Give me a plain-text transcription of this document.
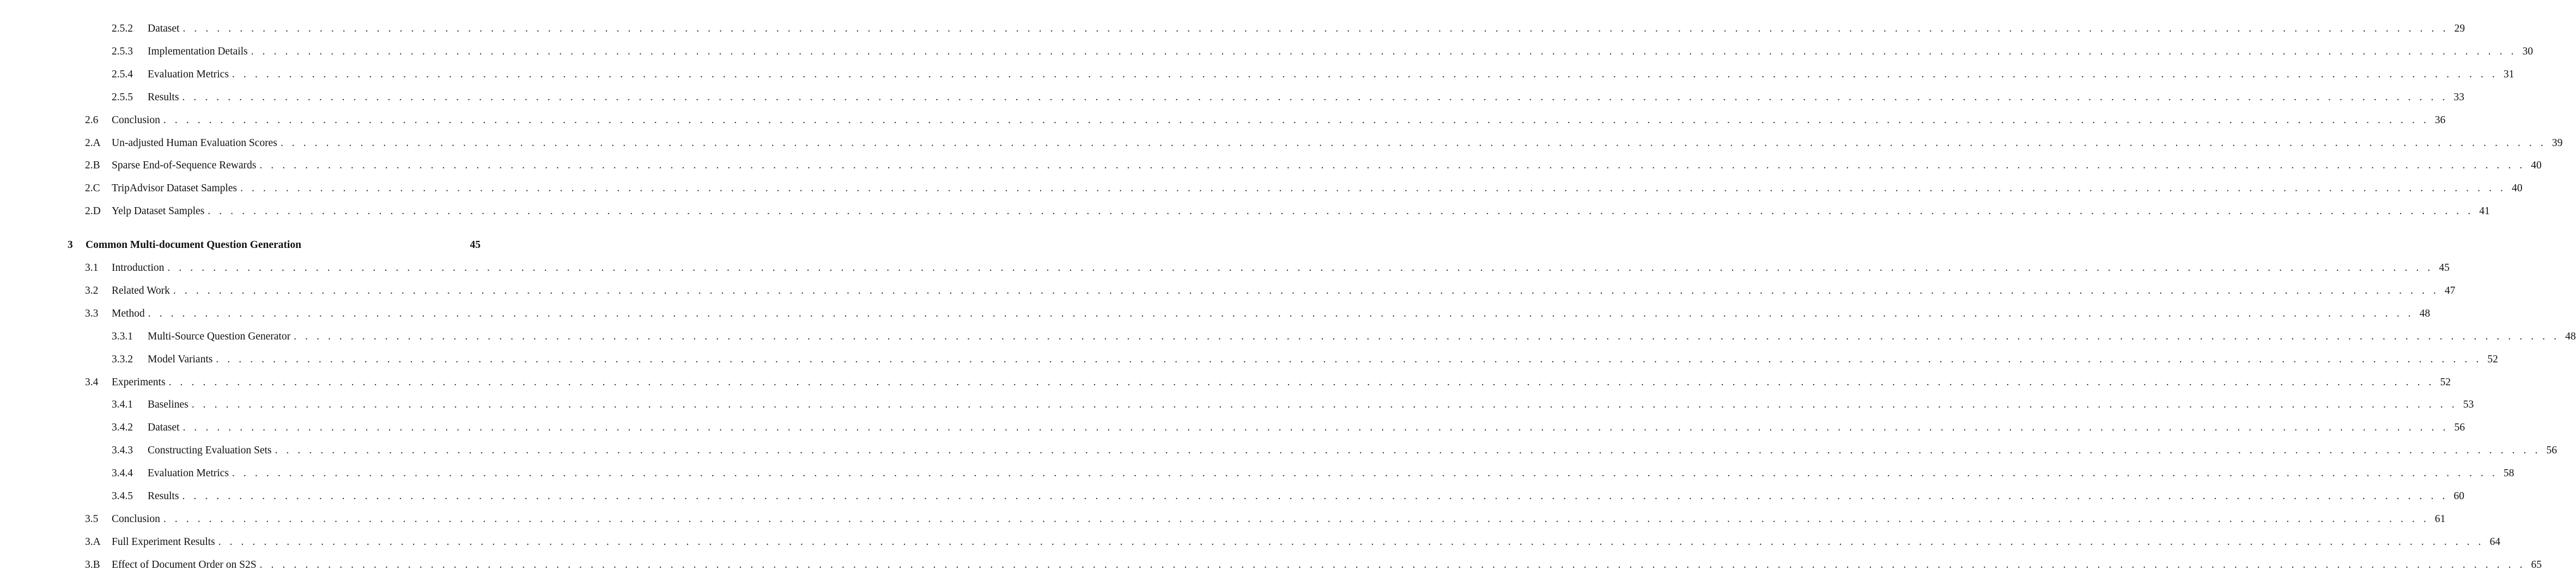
2.5.2	Dataset . . . . . . . . . . . . . . . . . . . . . . . . . . . . . . . . . . . . . . . . . . . . . . . . . . . . . . . . . . . . . . . . . . . . . . . . . . . . . . . . . . . . . . . . . . . . . . . . . . . . . . . . . . . . . . . . . . . . . . . . . . . . . . . . . . . . . . . . . . . . . . . . . . . . . . . . . . . . . . . . . . . . . . . . . . . . . . . . . . . . . . . . . . . . . . . . . . . . . . . 29
2.5.3	Implementation Details . . . . . . . . . . . . . . . . . . . . . . . . . . . . . . . . . . . . . . . . . . . . . . . . . . . . . . . . . . . . . . . . . . . . . . . . . . . . . . . . . . . . . . . . . . . . . . . . . . . . . . . . . . . . . . . . . . . . . . . . . . . . . . . . . . . . . . . . . . . . . . . . . . . . . . . . . . . . . . . . . . . . . . . . . . . . . . . . . . . . . . . . . . . . . . . . . . . . . . . 30
2.5.4	Evaluation Metrics . . . . . . . . . . . . . . . . . . . . . . . . . . . . . . . . . . . . . . . . . . . . . . . . . . . . . . . . . . . . . . . . . . . . . . . . . . . . . . . . . . . . . . . . . . . . . . . . . . . . . . . . . . . . . . . . . . . . . . . . . . . . . . . . . . . . . . . . . . . . . . . . . . . . . . . . . . . . . . . . . . . . . . . . . . . . . . . . . . . . . . . . . . . . . . . . . . . . . . . 31
2.5.5	Results . . . . . . . . . . . . . . . . . . . . . . . . . . . . . . . . . . . . . . . . . . . . . . . . . . . . . . . . . . . . . . . . . . . . . . . . . . . . . . . . . . . . . . . . . . . . . . . . . . . . . . . . . . . . . . . . . . . . . . . . . . . . . . . . . . . . . . . . . . . . . . . . . . . . . . . . . . . . . . . . . . . . . . . . . . . . . . . . . . . . . . . . . . . . . . . . . . . . . . . 33
2.6	Conclusion . . . . . . . . . . . . . . . . . . . . . . . . . . . . . . . . . . . . . . . . . . . . . . . . . . . . . . . . . . . . . . . . . . . . . . . . . . . . . . . . . . . . . . . . . . . . . . . . . . . . . . . . . . . . . . . . . . . . . . . . . . . . . . . . . . . . . . . . . . . . . . . . . . . . . . . . . . . . . . . . . . . . . . . . . . . . . . . . . . . . . . . . . . . . . . . . . . . . . . . 36
2.A	Un-adjusted Human Evaluation Scores . . . . . . . . . . . . . . . . . . . . . . . . . . . . . . . . . . . . . . . . . . . . . . . . . . . . . . . . . . . . . . . . . . . . . . . . . . . . . . . . . . . . . . . . . . . . . . . . . . . . . . . . . . . . . . . . . . . . . . . . . . . . . . . . . . . . . . . . . . . . . . . . . . . . . . . . . . . . . . . . . . . . . . . . . . . . . . . . . . . . . . . . . . . . . . . . . . . . . . . 39
2.B	Sparse End-of-Sequence Rewards . . . . . . . . . . . . . . . . . . . . . . . . . . . . . . . . . . . . . . . . . . . . . . . . . . . . . . . . . . . . . . . . . . . . . . . . . . . . . . . . . . . . . . . . . . . . . . . . . . . . . . . . . . . . . . . . . . . . . . . . . . . . . . . . . . . . . . . . . . . . . . . . . . . . . . . . . . . . . . . . . . . . . . . . . . . . . . . . . . . . . . . . . . . . . . . . . . . . . . . 40
2.C	TripAdvisor Dataset Samples . . . . . . . . . . . . . . . . . . . . . . . . . . . . . . . . . . . . . . . . . . . . . . . . . . . . . . . . . . . . . . . . . . . . . . . . . . . . . . . . . . . . . . . . . . . . . . . . . . . . . . . . . . . . . . . . . . . . . . . . . . . . . . . . . . . . . . . . . . . . . . . . . . . . . . . . . . . . . . . . . . . . . . . . . . . . . . . . . . . . . . . . . . . . . . . . . . . . . . . 40
2.D	Yelp Dataset Samples . . . . . . . . . . . . . . . . . . . . . . . . . . . . . . . . . . . . . . . . . . . . . . . . . . . . . . . . . . . . . . . . . . . . . . . . . . . . . . . . . . . . . . . . . . . . . . . . . . . . . . . . . . . . . . . . . . . . . . . . . . . . . . . . . . . . . . . . . . . . . . . . . . . . . . . . . . . . . . . . . . . . . . . . . . . . . . . . . . . . . . . . . . . . . . . . . . . . . . . 41
3	Common Multi-document Question Generation	45
3.1	Introduction . . . . . . . . . . . . . . . . . . . . . . . . . . . . . . . . . . . . . . . . . . . . . . . . . . . . . . . . . . . . . . . . . . . . . . . . . . . . . . . . . . . . . . . . . . . . . . . . . . . . . . . . . . . . . . . . . . . . . . . . . . . . . . . . . . . . . . . . . . . . . . . . . . . . . . . . . . . . . . . . . . . . . . . . . . . . . . . . . . . . . . . . . . . . . . . . . . . . . . . 45
3.2	Related Work . . . . . . . . . . . . . . . . . . . . . . . . . . . . . . . . . . . . . . . . . . . . . . . . . . . . . . . . . . . . . . . . . . . . . . . . . . . . . . . . . . . . . . . . . . . . . . . . . . . . . . . . . . . . . . . . . . . . . . . . . . . . . . . . . . . . . . . . . . . . . . . . . . . . . . . . . . . . . . . . . . . . . . . . . . . . . . . . . . . . . . . . . . . . . . . . . . . . . . . 47
3.3	Method . . . . . . . . . . . . . . . . . . . . . . . . . . . . . . . . . . . . . . . . . . . . . . . . . . . . . . . . . . . . . . . . . . . . . . . . . . . . . . . . . . . . . . . . . . . . . . . . . . . . . . . . . . . . . . . . . . . . . . . . . . . . . . . . . . . . . . . . . . . . . . . . . . . . . . . . . . . . . . . . . . . . . . . . . . . . . . . . . . . . . . . . . . . . . . . . . . . . . . . 48
3.3.1	Multi-Source Question Generator . . . . . . . . . . . . . . . . . . . . . . . . . . . . . . . . . . . . . . . . . . . . . . . . . . . . . . . . . . . . . . . . . . . . . . . . . . . . . . . . . . . . . . . . . . . . . . . . . . . . . . . . . . . . . . . . . . . . . . . . . . . . . . . . . . . . . . . . . . . . . . . . . . . . . . . . . . . . . . . . . . . . . . . . . . . . . . . . . . . . . . . . . . . . . . . . . . . . . . . 48
3.3.2	Model Variants . . . . . . . . . . . . . . . . . . . . . . . . . . . . . . . . . . . . . . . . . . . . . . . . . . . . . . . . . . . . . . . . . . . . . . . . . . . . . . . . . . . . . . . . . . . . . . . . . . . . . . . . . . . . . . . . . . . . . . . . . . . . . . . . . . . . . . . . . . . . . . . . . . . . . . . . . . . . . . . . . . . . . . . . . . . . . . . . . . . . . . . . . . . . . . . . . . . . . . . 52
3.4	Experiments . . . . . . . . . . . . . . . . . . . . . . . . . . . . . . . . . . . . . . . . . . . . . . . . . . . . . . . . . . . . . . . . . . . . . . . . . . . . . . . . . . . . . . . . . . . . . . . . . . . . . . . . . . . . . . . . . . . . . . . . . . . . . . . . . . . . . . . . . . . . . . . . . . . . . . . . . . . . . . . . . . . . . . . . . . . . . . . . . . . . . . . . . . . . . . . . . . . . . . . 52
3.4.1	Baselines . . . . . . . . . . . . . . . . . . . . . . . . . . . . . . . . . . . . . . . . . . . . . . . . . . . . . . . . . . . . . . . . . . . . . . . . . . . . . . . . . . . . . . . . . . . . . . . . . . . . . . . . . . . . . . . . . . . . . . . . . . . . . . . . . . . . . . . . . . . . . . . . . . . . . . . . . . . . . . . . . . . . . . . . . . . . . . . . . . . . . . . . . . . . . . . . . . . . . . . 53
3.4.2	Dataset . . . . . . . . . . . . . . . . . . . . . . . . . . . . . . . . . . . . . . . . . . . . . . . . . . . . . . . . . . . . . . . . . . . . . . . . . . . . . . . . . . . . . . . . . . . . . . . . . . . . . . . . . . . . . . . . . . . . . . . . . . . . . . . . . . . . . . . . . . . . . . . . . . . . . . . . . . . . . . . . . . . . . . . . . . . . . . . . . . . . . . . . . . . . . . . . . . . . . . . 56
3.4.3	Constructing Evaluation Sets . . . . . . . . . . . . . . . . . . . . . . . . . . . . . . . . . . . . . . . . . . . . . . . . . . . . . . . . . . . . . . . . . . . . . . . . . . . . . . . . . . . . . . . . . . . . . . . . . . . . . . . . . . . . . . . . . . . . . . . . . . . . . . . . . . . . . . . . . . . . . . . . . . . . . . . . . . . . . . . . . . . . . . . . . . . . . . . . . . . . . . . . . . . . . . . . . . . . . . . 56
3.4.4	Evaluation Metrics . . . . . . . . . . . . . . . . . . . . . . . . . . . . . . . . . . . . . . . . . . . . . . . . . . . . . . . . . . . . . . . . . . . . . . . . . . . . . . . . . . . . . . . . . . . . . . . . . . . . . . . . . . . . . . . . . . . . . . . . . . . . . . . . . . . . . . . . . . . . . . . . . . . . . . . . . . . . . . . . . . . . . . . . . . . . . . . . . . . . . . . . . . . . . . . . . . . . . . . 58
3.4.5	Results . . . . . . . . . . . . . . . . . . . . . . . . . . . . . . . . . . . . . . . . . . . . . . . . . . . . . . . . . . . . . . . . . . . . . . . . . . . . . . . . . . . . . . . . . . . . . . . . . . . . . . . . . . . . . . . . . . . . . . . . . . . . . . . . . . . . . . . . . . . . . . . . . . . . . . . . . . . . . . . . . . . . . . . . . . . . . . . . . . . . . . . . . . . . . . . . . . . . . . . 60
3.5	Conclusion . . . . . . . . . . . . . . . . . . . . . . . . . . . . . . . . . . . . . . . . . . . . . . . . . . . . . . . . . . . . . . . . . . . . . . . . . . . . . . . . . . . . . . . . . . . . . . . . . . . . . . . . . . . . . . . . . . . . . . . . . . . . . . . . . . . . . . . . . . . . . . . . . . . . . . . . . . . . . . . . . . . . . . . . . . . . . . . . . . . . . . . . . . . . . . . . . . . . . . . 61
3.A	Full Experiment Results . . . . . . . . . . . . . . . . . . . . . . . . . . . . . . . . . . . . . . . . . . . . . . . . . . . . . . . . . . . . . . . . . . . . . . . . . . . . . . . . . . . . . . . . . . . . . . . . . . . . . . . . . . . . . . . . . . . . . . . . . . . . . . . . . . . . . . . . . . . . . . . . . . . . . . . . . . . . . . . . . . . . . . . . . . . . . . . . . . . . . . . . . . . . . . . . . . . . . . . 64
3.B	Effect of Document Order on S2S . . . . . . . . . . . . . . . . . . . . . . . . . . . . . . . . . . . . . . . . . . . . . . . . . . . . . . . . . . . . . . . . . . . . . . . . . . . . . . . . . . . . . . . . . . . . . . . . . . . . . . . . . . . . . . . . . . . . . . . . . . . . . . . . . . . . . . . . . . . . . . . . . . . . . . . . . . . . . . . . . . . . . . . . . . . . . . . . . . . . . . . . . . . . . . . . . . . . . . . 65
